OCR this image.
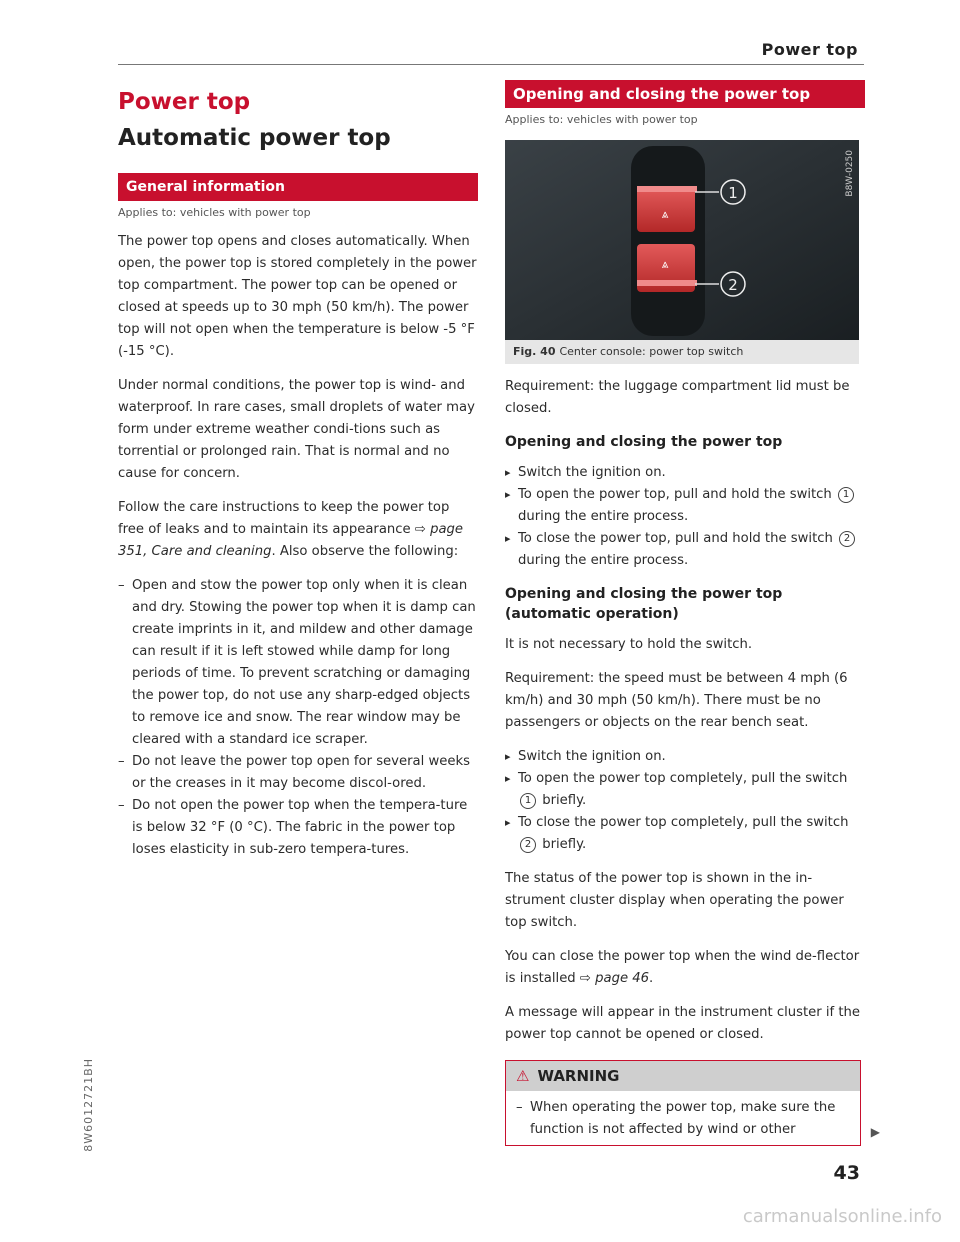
Power top
Power top
Automatic power top
General information
Applies to: vehicles with power top

The power top opens and closes automatically. When open, the power top is stored completely in the power top compartment. The power top can be opened or closed at speeds up to 30 mph (50 km/h). The power top will not open when the temperature is below -5 °F (-15 °C).

Under normal conditions, the power top is wind- and waterproof. In rare cases, small droplets of water may form under extreme weather condi-tions such as torrential or prolonged rain. That is normal and no cause for concern.

Follow the care instructions to keep the power top free of leaks and to maintain its appearance ⇨ page 351, Care and cleaning. Also observe the following:

– Open and stow the power top only when it is clean and dry. Stowing the power top when it is damp can create imprints in it, and mildew and other damage can result if it is left stowed while damp for long periods of time. To prevent scratching or damaging the power top, do not use any sharp-edged objects to remove ice and snow. The rear window may be cleared with a standard ice scraper.
– Do not leave the power top open for several weeks or the creases in it may become discol-ored.
– Do not open the power top when the tempera-ture is below 32 °F (0 °C). The fabric in the power top loses elasticity in sub-zero tempera-tures.
Opening and closing the power top
Applies to: vehicles with power top
⩓
⩓
1
2
B8W-0250
Fig. 40 Center console: power top switch

Requirement: the luggage compartment lid must be closed.

Opening and closing the power top
▸ Switch the ignition on.
▸ To open the power top, pull and hold the switch 1 during the entire process.
▸ To close the power top, pull and hold the switch 2 during the entire process.
Opening and closing the power top (automatic operation)

It is not necessary to hold the switch.

Requirement: the speed must be between 4 mph (6 km/h) and 30 mph (50 km/h). There must be no passengers or objects on the rear bench seat.

▸ Switch the ignition on.
▸ To open the power top completely, pull the switch 1 briefly.
▸ To close the power top completely, pull the switch 2 briefly.

The status of the power top is shown in the in-strument cluster display when operating the power top switch.

You can close the power top when the wind de-flector is installed ⇨ page 46.

A message will appear in the instrument cluster if the power top cannot be opened or closed.

⚠ WARNING
– When operating the power top, make sure the function is not affected by wind or other	▶
8W6012721BH
43
carmanualsonline.info
